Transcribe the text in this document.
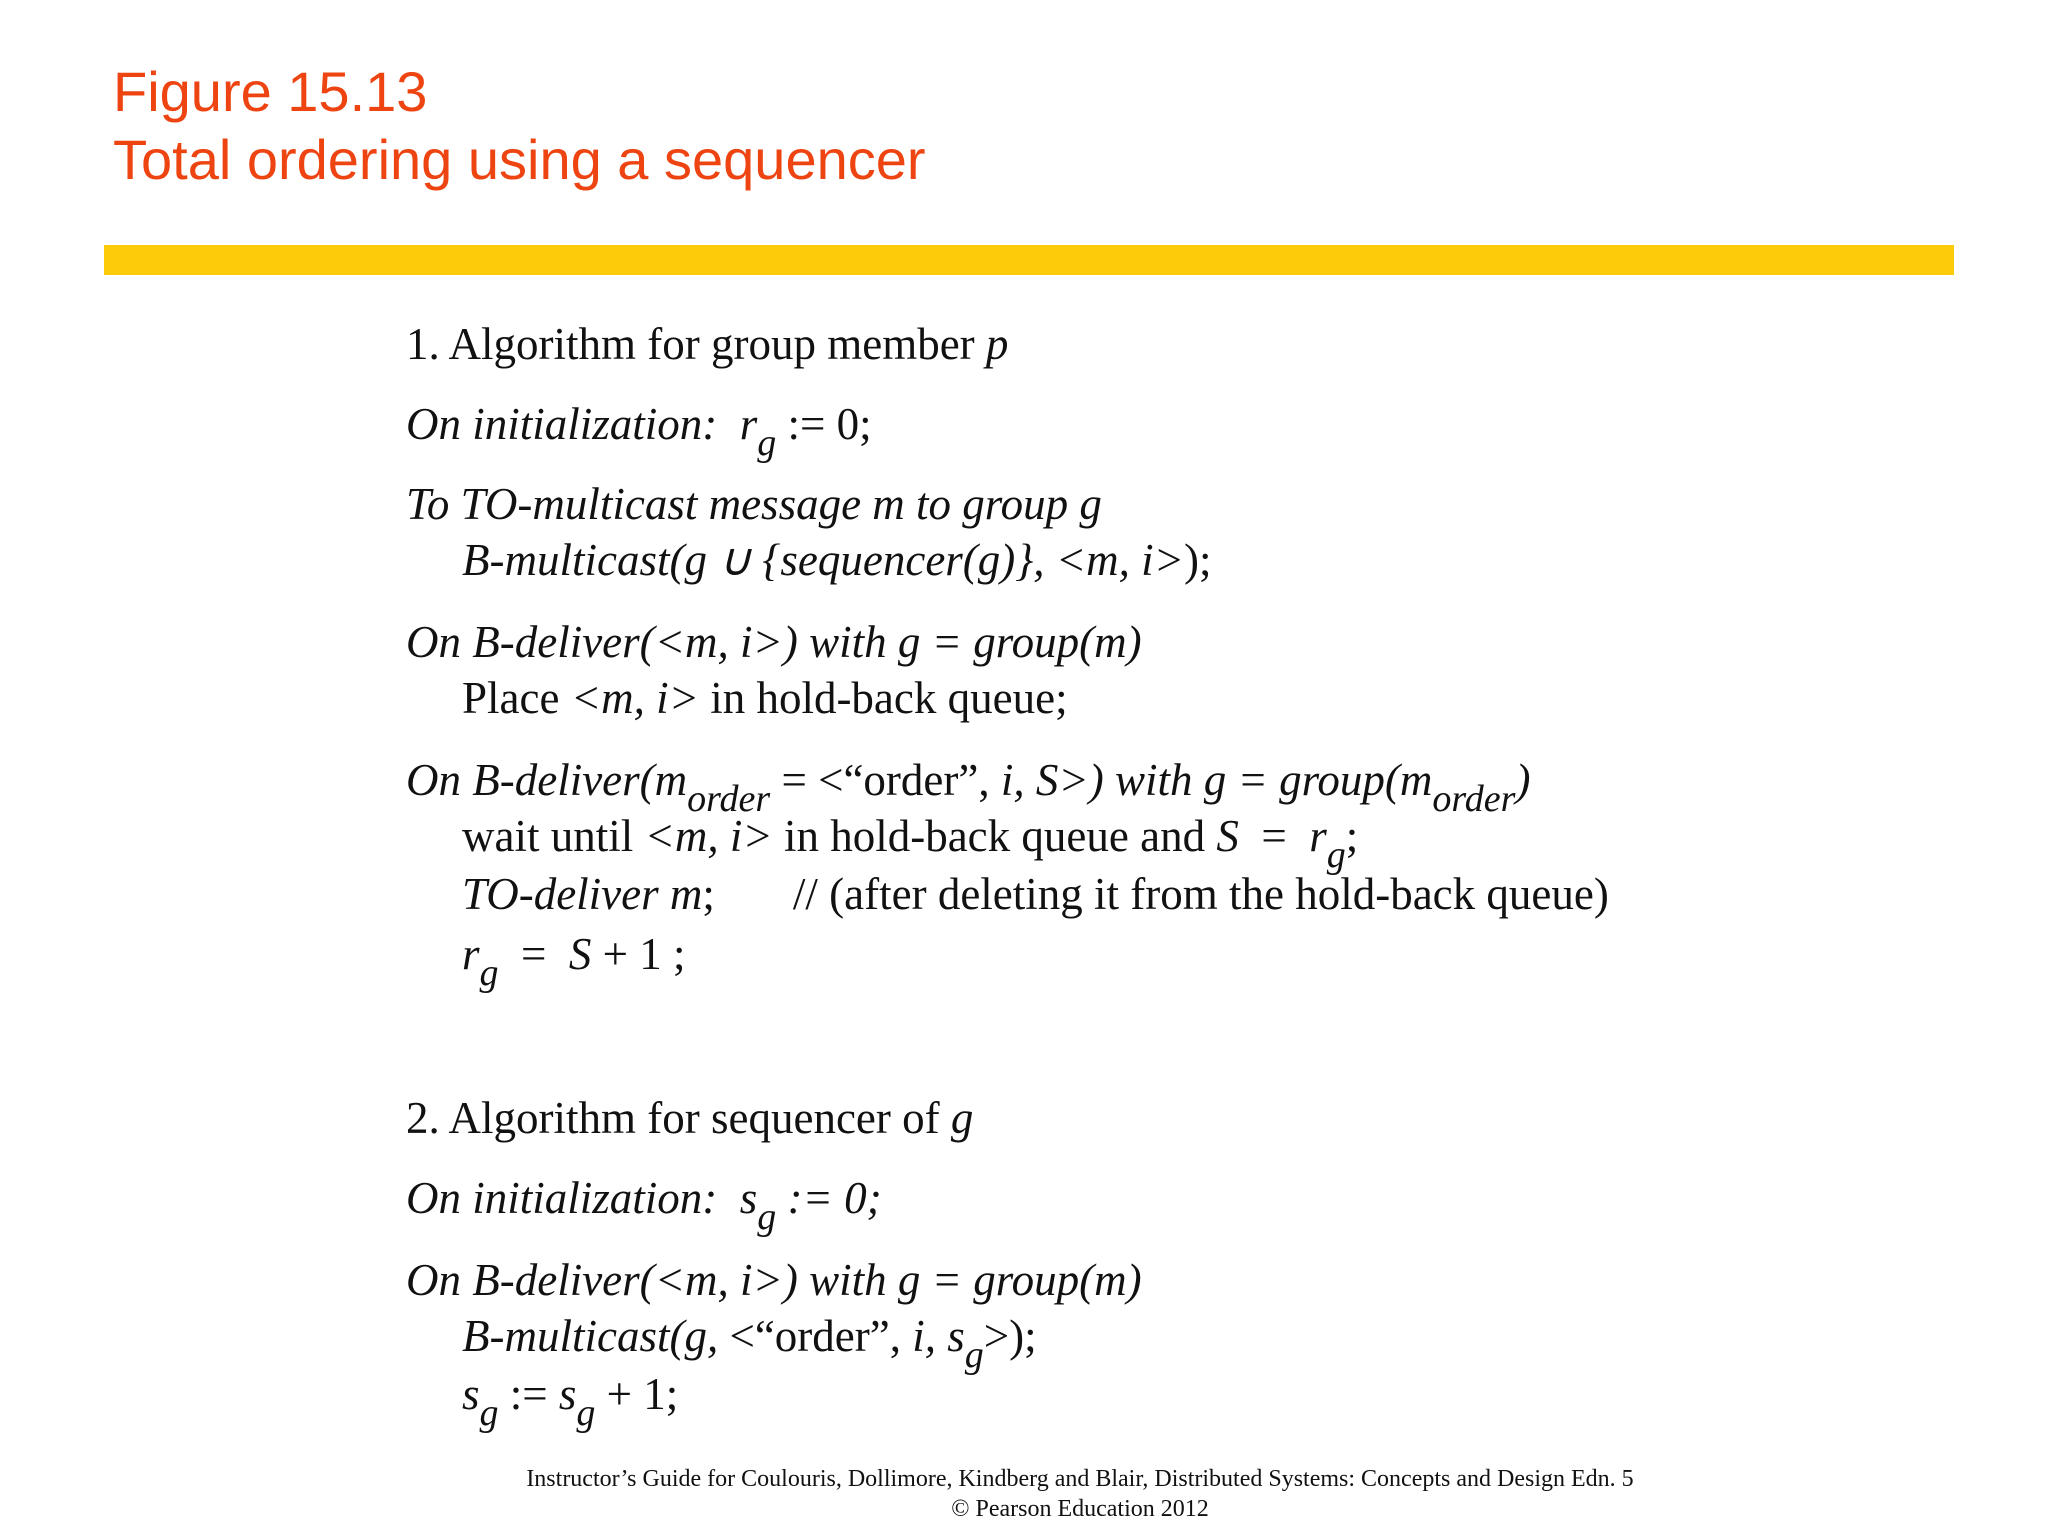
Figure 15.13
Total ordering using a sequencer
1. Algorithm for group member p
On initialization: $r_g$ := 0;
To TO-multicast message m to group g
B-multicast(g ∪ {sequencer(g)}, <m, i>);
On B-deliver(<m, i>) with g = group(m)
Place <m, i> in hold-back queue;
On $B-deliver(m_{order}$ = <“order”, i, S>) with $g = group(m_{order})$
wait until <m, i> in hold-back queue and $S = r_g$;
TO-deliver m; // (after deleting it from the hold-back queue)
$r_g = S + 1$ ;
2. Algorithm for sequencer of g
On initialization: $s_g$ := 0;
On B-deliver(<m, i>) with g = group(m)
B-multicast(g, <“order”, i, $s_g>$);
$s_g$ := $s_g + 1$;
Instructor’s Guide for Coulouris, Dollimore, Kindberg and Blair, Distributed Systems: Concepts and Design Edn. 5
© Pearson Education 2012
